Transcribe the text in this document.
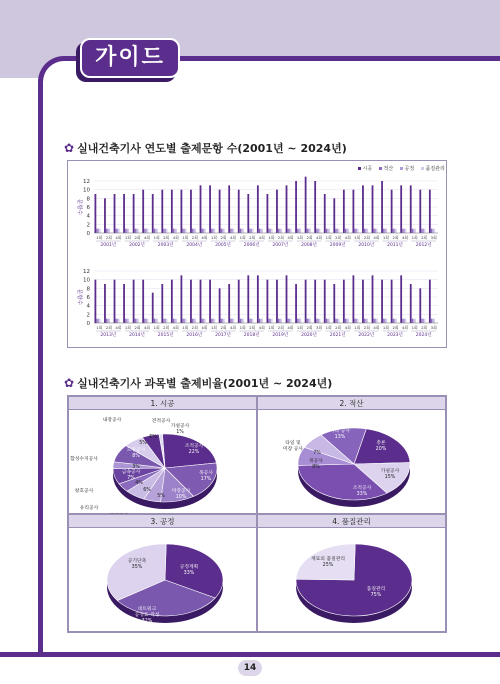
가이드
✿ 실내건축기사 연도별 출제문항 수(2001년 ~ 2024년)
12
10
8
6
4
2
0
문항수
1회 2회 4회 1회 2회 4회 1회 2회 4회 1회 2회 4회 1회 2회 4회 1회 2회 4회 1회 2회 4회 1회 2회 4회 1회 2회 4회 1회 2회 4회 1회 2회 4회 1회 2회 3회
2001년	2002년	2003년	2004년	2005년	2006년	2007년	2008년	2009년	2010년	2011년	2012년
12
10
8
6
4
2
0
문항수
1회 2회 4회 1회 2회 4회 1회 2회 4회 1회 2회 4회 1회 2회 4회 1회 2회 4회 1회 2회 4회 1회 2회 3회 1회 2회 4회 1회 2회 4회 1회 2회 4회 1회 2회 3회
2013년	2014년	2015년	2016년	2017년	2018년	2019년	2020년	2021년	2022년	2023년	2024년
시공 적산 공정 품질관리
✿ 실내건축기사 과목별 출제비율(2001년 ~ 2024년)
1. 시공
가설공사
1%
조적공사
22%
목공사
17%
미장공사
10%
5%
6%
4%
3%
금속공사
7%
도장공사
8%
5%
6%
내장공사
창호공사
유리공사
합성수지공사
견적공사
2. 적산
총론
20%
가설공사
15%
조적공사
33%
목공사
8%
7%
기타 공사
13%
타일 및
미장 공사
3. 공정
공정계획
33%
네트워크
공정표 작성
32%
공기단축
35%
4. 품질관리
재료의 품질관리
25%
품질관리
75%
14
